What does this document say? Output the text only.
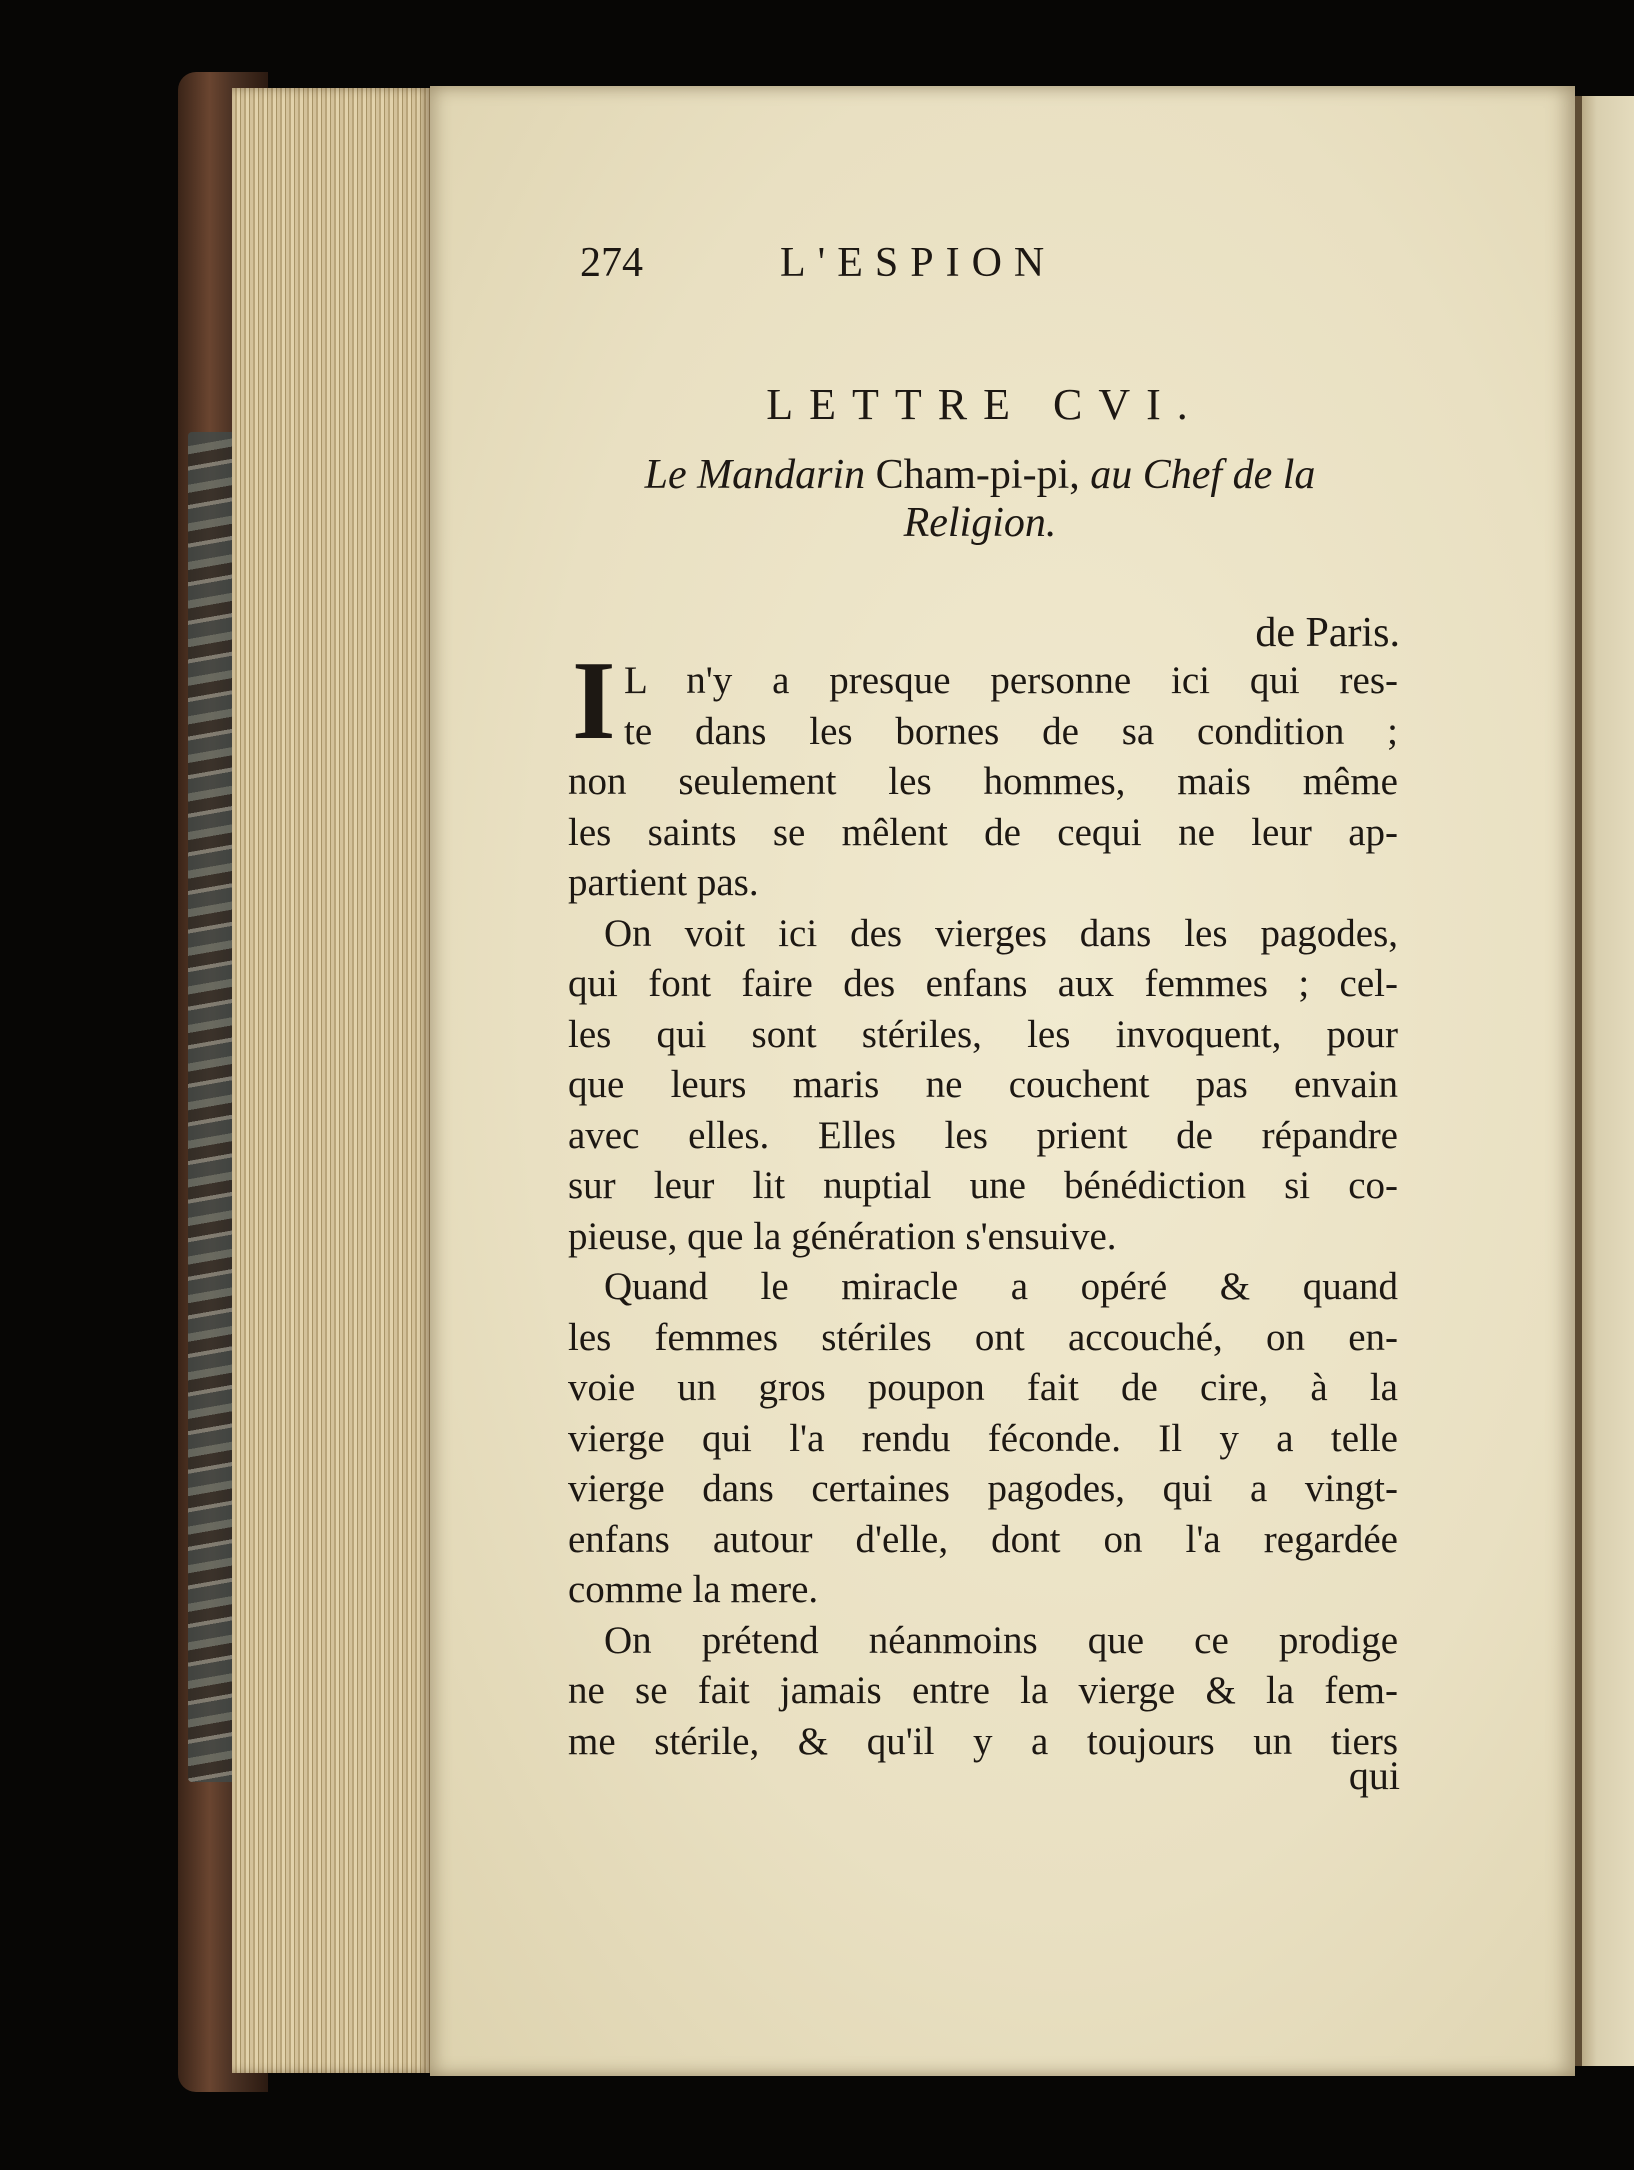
274	L'ESPION
LETTRE CVI.
Le Mandarin Cham-pi-pi, au Chef de la
Religion.
de Paris.
I L n'y a presque personne ici qui res-
te dans les bornes de sa condition ;
non seulement les hommes, mais même
les saints se mêlent de cequi ne leur ap-
partient pas.
On voit ici des vierges dans les pagodes,
qui font faire des enfans aux femmes ; cel-
les qui sont stériles, les invoquent, pour
que leurs maris ne couchent pas envain
avec elles. Elles les prient de répandre
sur leur lit nuptial une bénédiction si co-
pieuse, que la génération s'ensuive.
Quand le miracle a opéré & quand
les femmes stériles ont accouché, on en-
voie un gros poupon fait de cire, à la
vierge qui l'a rendu féconde. Il y a telle
vierge dans certaines pagodes, qui a vingt-
enfans autour d'elle, dont on l'a regardée
comme la mere.
On prétend néanmoins que ce prodige
ne se fait jamais entre la vierge & la fem-
me stérile, & qu'il y a toujours un tiers
qui
